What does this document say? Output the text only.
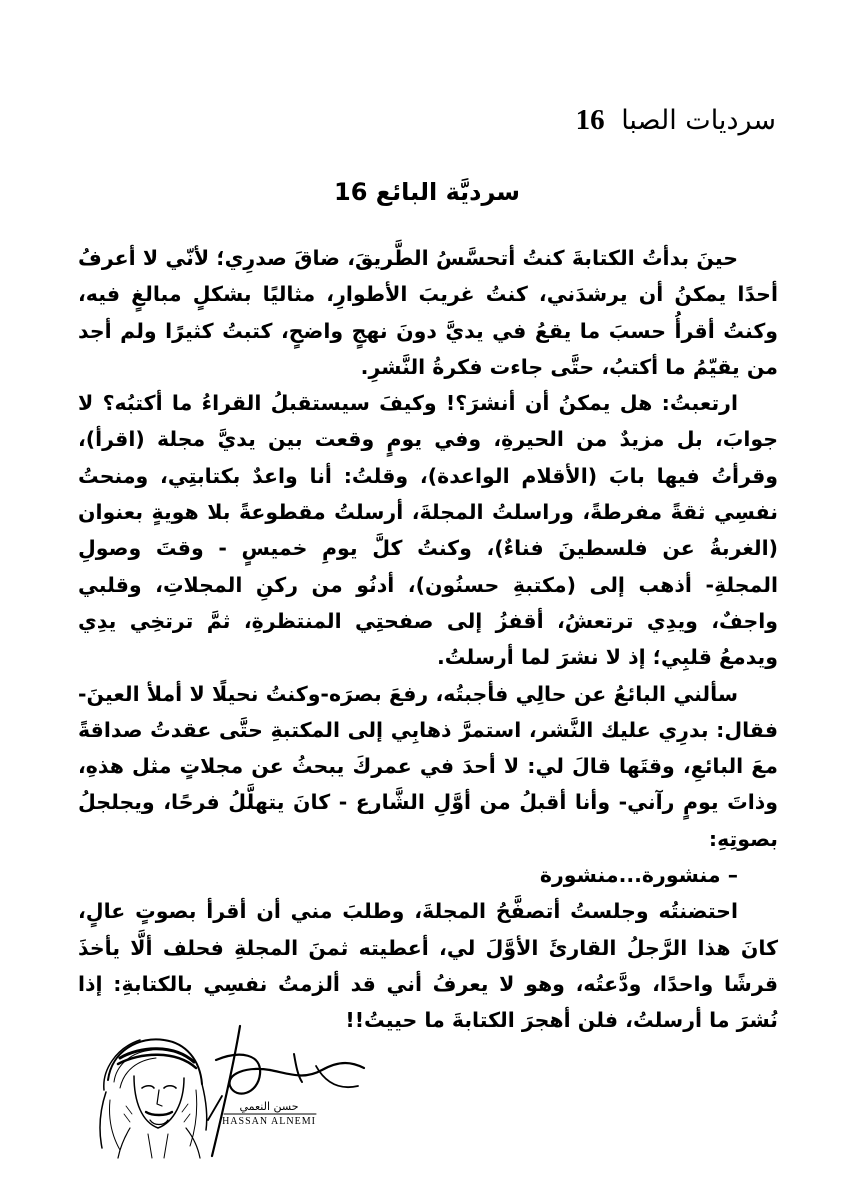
سرديات الصبا 16
سرديَّة البائع 16

حينَ بدأتُ الكتابةَ كنتُ أتحسَّسُ الطَّريقَ، ضاقَ صدرِي؛ لأنّي لا أعرفُ أحدًا يمكنُ أن يرشدَني، كنتُ غريبَ الأطوارِ، مثاليًا بشكلٍ مبالغٍ فيه، وكنتُ أقرأُ حسبَ ما يقعُ في يديَّ دونَ نهجٍ واضحٍ، كتبتُ كثيرًا ولم أجد من يقيّمُ ما أكتبُ، حتَّى جاءت فكرةُ النَّشرِ.

ارتعبتُ: هل يمكنُ أن أنشرَ؟! وكيفَ سيستقبلُ القراءُ ما أكتبُه؟ لا جوابَ، بل مزيدٌ من الحيرةِ، وفي يومٍ وقعت بين يديَّ مجلة (اقرأ)، وقرأتُ فيها بابَ (الأقلام الواعدة)، وقلتُ: أنا واعدٌ بكتابتِي، ومنحتُ نفسِي ثقةً مفرطةً، وراسلتُ المجلةَ، أرسلتُ مقطوعةً بلا هويةٍ بعنوان (الغربةُ عن فلسطينَ فناءٌ)، وكنتُ كلَّ يومِ خميسٍ - وقتَ وصولِ المجلةِ- أذهب إلى (مكتبةِ حسنُون)، أدنُو من ركنِ المجلاتِ، وقلبي واجفٌ، ويدِي ترتعشُ، أقفزُ إلى صفحتِي المنتظرةِ، ثمَّ ترتخِي يدِي ويدمعُ قلبِي؛ إذ لا نشرَ لما أرسلتُ.

سألني البائعُ عن حالِي فأجبتُه، رفعَ بصرَه-وكنتُ نحيلًا لا أملأ العينَ-فقال: بدرِي عليك النَّشر، استمرَّ ذهابِي إلى المكتبةِ حتَّى عقدتُ صداقةً معَ البائعِ، وقتَها قالَ لي: لا أحدَ في عمركَ يبحثُ عن مجلاتٍ مثل هذهِ، وذاتَ يومٍ رآني- وأنا أقبلُ من أوَّلِ الشَّارع - كانَ يتهلَّلُ فرحًا، ويجلجلُ بصوتِهِ:

– منشورة...منشورة

احتضنتُه وجلستُ أتصفَّحُ المجلةَ، وطلبَ مني أن أقرأ بصوتٍ عالٍ، كانَ هذا الرَّجلُ القارئَ الأوَّلَ لي، أعطيته ثمنَ المجلةِ فحلف ألَّا يأخذَ قرشًا واحدًا، ودَّعتُه، وهو لا يعرفُ أني قد ألزمتُ نفسِي بالكتابةِ: إذا نُشرَ ما أرسلتُ، فلن أهجرَ الكتابةَ ما حييتُ!!

حسن النعمي
HASSAN ALNEMI
